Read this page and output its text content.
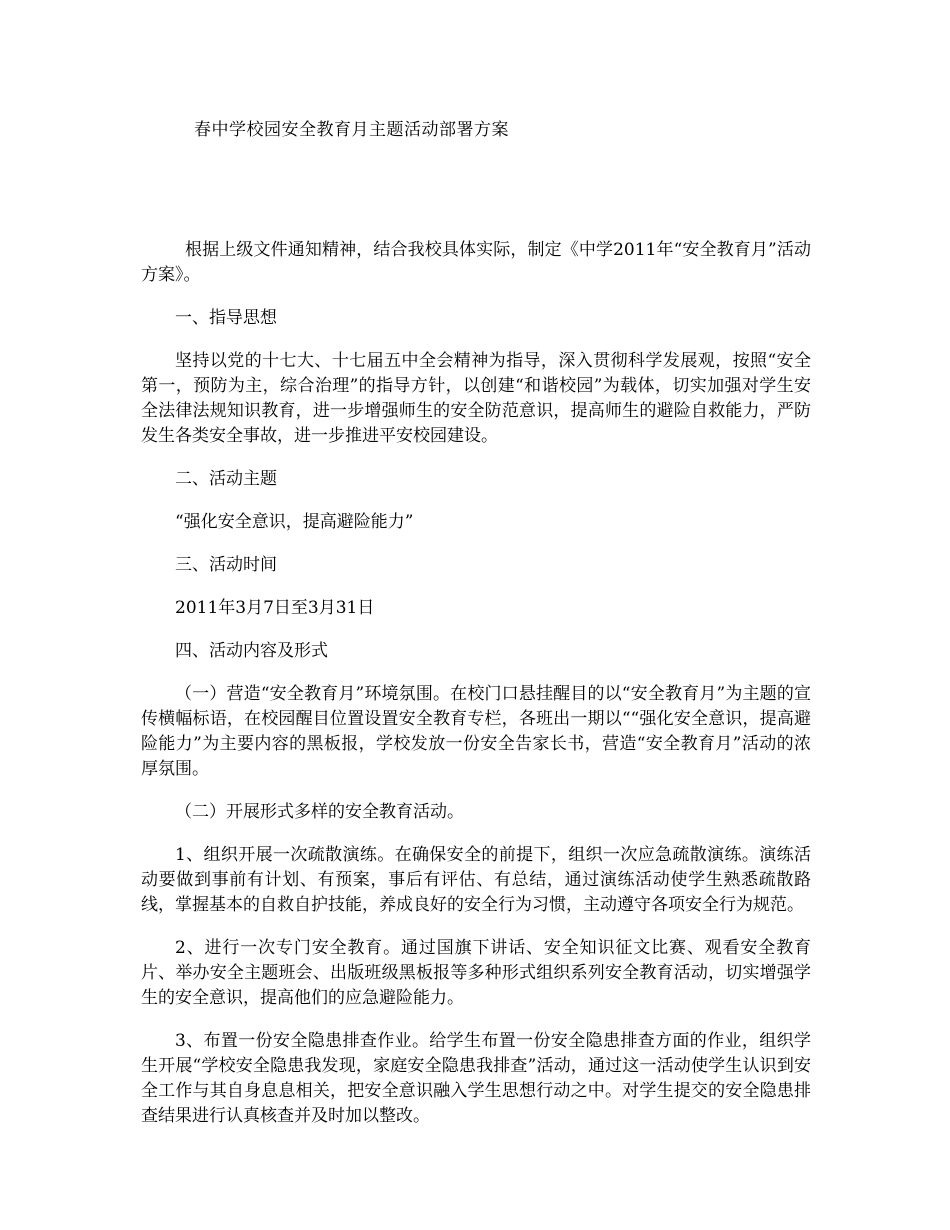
春中学校园安全教育月主题活动部署方案

根据上级文件通知精神，结合我校具体实际，制定《中学2011年“安全教育月”活动方案》。

一、指导思想

坚持以党的十七大、十七届五中全会精神为指导，深入贯彻科学发展观，按照“安全第一，预防为主，综合治理”的指导方针，以创建“和谐校园”为载体，切实加强对学生安全法律法规知识教育，进一步增强师生的安全防范意识，提高师生的避险自救能力，严防发生各类安全事故，进一步推进平安校园建设。

二、活动主题

“强化安全意识，提高避险能力”

三、活动时间

2011年3月7日至3月31日

四、活动内容及形式

（一）营造“安全教育月”环境氛围。在校门口悬挂醒目的以“安全教育月”为主题的宣传横幅标语，在校园醒目位置设置安全教育专栏，各班出一期以““强化安全意识，提高避险能力”为主要内容的黑板报，学校发放一份安全告家长书，营造“安全教育月”活动的浓厚氛围。

（二）开展形式多样的安全教育活动。

1、组织开展一次疏散演练。在确保安全的前提下，组织一次应急疏散演练。演练活动要做到事前有计划、有预案，事后有评估、有总结，通过演练活动使学生熟悉疏散路线，掌握基本的自救自护技能，养成良好的安全行为习惯，主动遵守各项安全行为规范。

2、进行一次专门安全教育。通过国旗下讲话、安全知识征文比赛、观看安全教育片、举办安全主题班会、出版班级黑板报等多种形式组织系列安全教育活动，切实增强学生的安全意识，提高他们的应急避险能力。

3、布置一份安全隐患排查作业。给学生布置一份安全隐患排查方面的作业，组织学生开展“学校安全隐患我发现，家庭安全隐患我排查”活动，通过这一活动使学生认识到安全工作与其自身息息相关，把安全意识融入学生思想行动之中。对学生提交的安全隐患排查结果进行认真核查并及时加以整改。
